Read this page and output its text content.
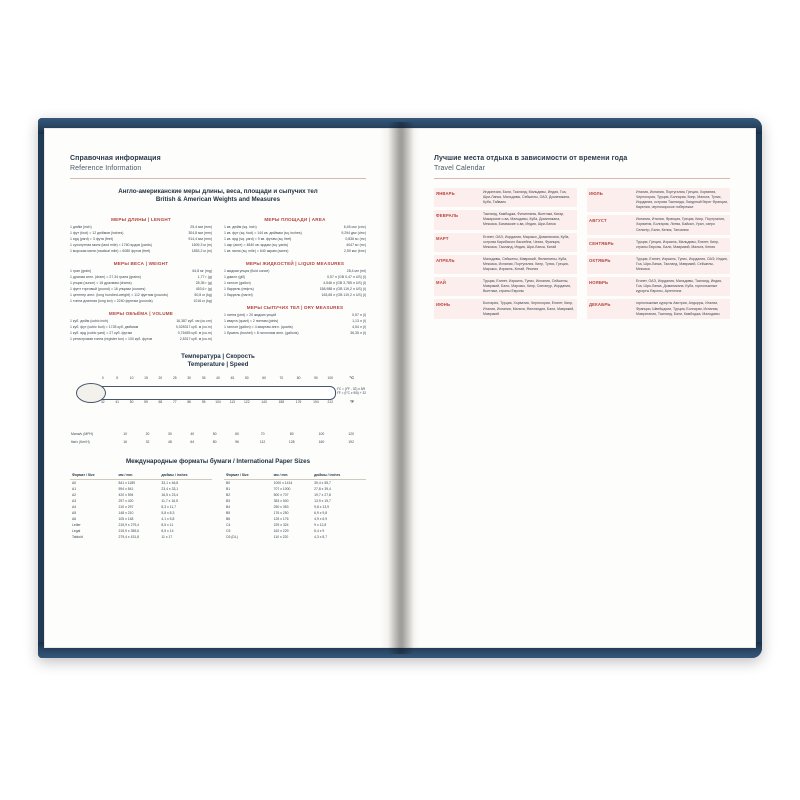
Справочная информация
Reference Information
Англо-американские меры длины, веса, площади и сыпучих тел
British & American Weights and Measures
МЕРЫ ДЛИНЫ | LENGHT
1 дюйм (inch)	25,4 мм (mm)
1 фут (foot) = 12 дюймов (inches)	304,8 мм (mm)
1 ярд (yard) = 3 фута (feet)	914,4 мм (mm)
1 сухопутная миля (land mile) = 1760 ярдов (yards)	1609,3 м (m)
1 морская миля (nautical mile) = 6080 футов (feet)	1853,2 м (m)
МЕРЫ ВЕСА | WEIGHT
1 гран (grain)	64,8 мг (mg)
1 драхма англ. (dram) = 27,34 грана (grains)	1,77 г (g)
1 унция (ounce) = 16 драхмам (drams)	28,35 г (g)
1 фунт торговый (pound) = 16 унциям (ounces)	453,6 г (g)
1 центнер англ. (long hundred-weight) = 112 фунтам (pounds)	50,8 кг (kg)
1 тонна длинная (long ton) = 2240 фунтам (pounds)	1016 кг (kg)
МЕРЫ ОБЪЁМА | VOLUME
1 куб. дюйм (cubic inch)	16,387 куб. см (cu.cm)
1 куб. фут (cubic foot) = 1728 куб. дюймам	0,028317 куб. м (cu.m)
1 куб. ярд (cubic yard) = 27 куб. футам	0,76455 куб. м (cu.m)
1 регистровая тонна (register ton) = 100 куб. футов	2,8317 куб. м (cu.m)
МЕРЫ ПЛОЩАДИ | AREA
1 кв. дюйм (sq. inch)	6,45 см² (cm²)
1 кв. фут (sq. foot) = 144 кв. дюймам (sq. inches)	9,294 дм² (dm²)
1 кв. ярд (sq. yard) = 9 кв. футам (sq. feet)	0,836 м² (m²)
1 акр (acre) = 4840 кв. ярдам (sq. yards)	4047 м² (m²)
1 кв. миля (sq. mile) = 640 акрам (acres)	2,59 км² (km²)
МЕРЫ ЖИДКОСТЕЙ | LIQUID MEASURES
1 жидкая унция (fluid ounce)	28,4 мл (ml)
1 джилл (gill)	0,57 л (GB 0,47 л US) (l)
1 галлон (gallon)	4,546 л (GB 3,785 л US) (l)
1 баррель (нефть)	158,988 л (GB 119,2 л US) (l)
1 баррель (barrel)	163,65 л (GB 119,2 л US) (l)
МЕРЫ СЫПУЧИХ ТЕЛ | DRY MEASURES
1 пинта (pint) = 20 жидких унций	0,57 л (l)
1 кварта (quart) = 2 пинтам (pints)	1,13 л (l)
1 галлон (gallon) = 4 квартам англ. (quarts)	4,54 л (l)
1 бушель (bushel) = 8 галлонам англ. (gallons)	36,35 л (l)
Температура | Скорость
Temperature | Speed
0	5	10	15	20	25	30	35	40	45	50	60	70	80	90	100	°C
32	41	50	59	68	77	86	95	104	113	122	140	158	176	194	212	°F
t°C = (t°F - 32) x 5/9
t°F = (t°C x 9/5) + 32
Мили/ч (MPH)	10	20	30	40	50	60	70	80	100	120
Км/ч (Km/H)	16	32	48	64	80	96	112	128	160	192
Международные форматы бумаги / International Paper Sizes
Формат / Size	мм / mm	дюймы / inches
A0	841 x 1189	33,1 x 46,8
A1	594 x 841	23,4 x 33,1
A2	420 x 594	16,5 x 23,4
A3	297 x 420	11,7 x 16,5
A4	210 x 297	8,3 x 11,7
A5	148 x 210	5,8 x 8,3
A6	105 x 148	4,1 x 5,8
Letter	215,9 x 279,4	8,5 x 11
Legal	215,9 x 355,6	8,5 x 14
Tabloid	279,4 x 431,8	11 x 17
Формат / Size	мм / mm	дюймы / inches
B0	1000 x 1414	39,4 x 55,7
B1	707 x 1000	27,8 x 39,4
B2	500 x 707	19,7 x 27,8
B3	353 x 500	13,9 x 19,7
B4	250 x 353	9,8 x 13,9
B5	176 x 250	6,9 x 9,8
B6	125 x 176	4,9 x 6,9
C4	229 x 324	9 x 12,8
C5	162 x 229	6,4 x 9
C6 (DL)	110 x 220	4,3 x 8,7
Лучшие места отдыха в зависимости от времени года
Travel Calendar
ЯНВАРЬ	Индонезия, Бали, Таиланд, Мальдивы, Индия, Гоа, Шри-Ланка, Мальдивы, Сейшелы, ОАЭ, Доминикана, Куба, Тайвань
ФЕВРАЛЬ	Таиланд, Камбоджа, Филиппины, Вьетнам, Катар, Макарские о-ва, Мальдивы, Куба, Доминикана, Мексика, Багамские о-ва, Индия, Шри-Ланка
МАРТ	Египет, ОАЭ, Иордания, Марокко, Доминикана, Куба, острова Карибского бассейна, Чехия, Франция, Мексика, Таиланд, Индия, Шри-Ланка, Китай
АПРЕЛЬ	Мальдивы, Сейшелы, Маврикий, Филиппины, Куба, Мексика, Испания, Португалия, Кипр, Тунис, Греция, Марокко, Израиль, Китай, Япония
МАЙ	Турция, Египет, Израиль, Тунис, Испания, Сейшелы, Маврикий, Бали, Марокко, Кипр, Сингапур, Иордания, Вьетнам, страны Европы
ИЮНЬ	Болгария, Турция, Хорватия, Черногория, Египет, Кипр, Италия, Испания, Мальта, Финляндия, Бали, Маврикий, Маврикий
ИЮЛЬ	Италия, Испания, Португалия, Греция, Хорватия, Черногория, Турция, Болгария, Кипр, Мальта, Тунис, Иордания, острова Таиланда, Лазурный берег Франции, Карелия, черноморское побережье
АВГУСТ	Испания, Италия, Франция, Греция, Кипр, Португалия, Хорватия, Болгария, Литва, Байкал, Урал, озеро Селигер, Бали, Кения, Танзания
СЕНТЯБРЬ	Турция, Греция, Израиль, Мальдивы, Египет, Кипр, страны Европы, Бали, Маврикий, Мальта, Кения
ОКТЯБРЬ	Турция, Египет, Израиль, Тунис, Иордания, ОАЭ, Индия, Гоа, Шри-Ланка, Таиланд, Маврикий, Сейшелы, Мексика
НОЯБРЬ	Египет, ОАЭ, Иордания, Мальдивы, Таиланд, Индия, Гоа, Шри-Ланка, Доминикана, Куба, горнолыжные курорты Европы, Аргентина
ДЕКАБРЬ	горнолыжные курорты Австрии, Андорры, Италии, Франции, Швейцарии, Турция, Болгария, Испания, Мавритания, Таиланд, Бали, Камбоджа, Мальдивы
